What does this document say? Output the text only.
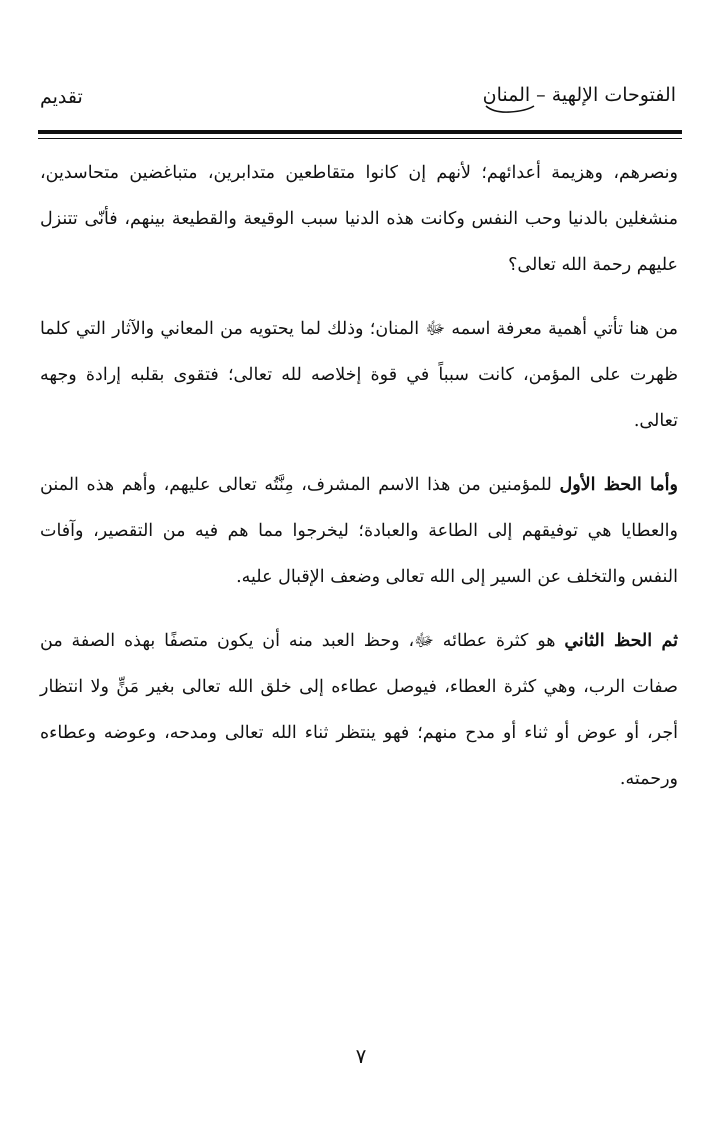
الفتوحات الإلهية – المنان
تقديم

ونصرهم، وهزيمة أعدائهم؛ لأنهم إن كانوا متقاطعين متدابرين، متباغضين متحاسدين، منشغلين بالدنيا وحب النفس وكانت هذه الدنيا سبب الوقيعة والقطيعة بينهم، فأنّى تتنزل عليهم رحمة الله تعالى؟

من هنا تأتي أهمية معرفة اسمه ﷻ المنان؛ وذلك لما يحتويه من المعاني والآثار التي كلما ظهرت على المؤمن، كانت سبباً في قوة إخلاصه لله تعالى؛ فتقوى بقلبه إرادة وجهه تعالى.

وأما الحظ الأول للمؤمنين من هذا الاسم المشرف، مِنَّتُه تعالى عليهم، وأهم هذه المنن والعطايا هي توفيقهم إلى الطاعة والعبادة؛ ليخرجوا مما هم فيه من التقصير، وآفات النفس والتخلف عن السير إلى الله تعالى وضعف الإقبال عليه.

ثم الحظ الثاني هو كثرة عطائه ﷻ، وحظ العبد منه أن يكون متصفًا بهذه الصفة من صفات الرب، وهي كثرة العطاء، فيوصل عطاءه إلى خلق الله تعالى بغير مَنٍّ ولا انتظار أجر، أو عوض أو ثناء أو مدح منهم؛ فهو ينتظر ثناء الله تعالى ومدحه، وعوضه وعطاءه ورحمته.

٧
